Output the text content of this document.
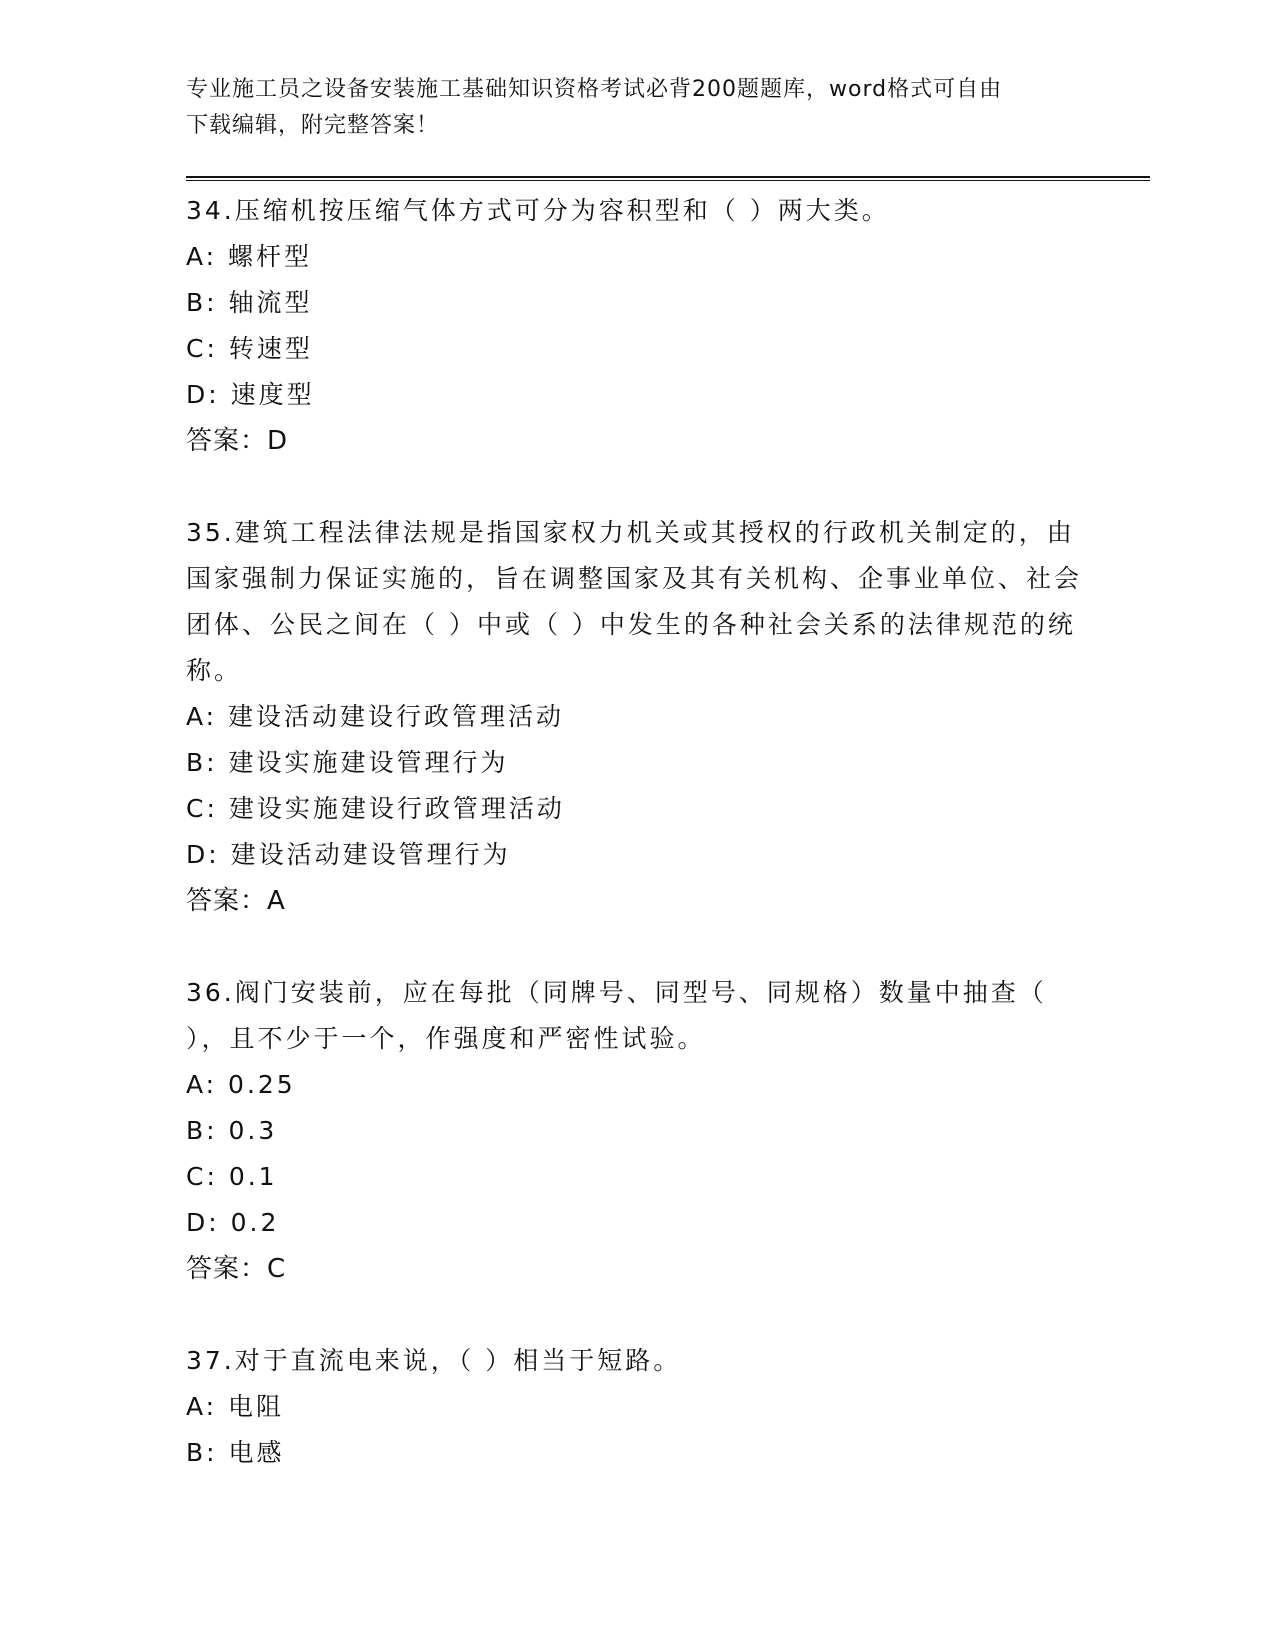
专业施工员之设备安装施工基础知识资格考试必背200题题库，word格式可自由
下载编辑，附完整答案！
34.压缩机按压缩气体方式可分为容积型和（ ）两大类。
A: 螺杆型
B: 轴流型
C: 转速型
D: 速度型
答案：D
35.建筑工程法律法规是指国家权力机关或其授权的行政机关制定的，由国家强制力保证实施的，旨在调整国家及其有关机构、企事业单位、社会团体、公民之间在（ ）中或（ ）中发生的各种社会关系的法律规范的统称。
A: 建设活动建设行政管理活动
B: 建设实施建设管理行为
C: 建设实施建设行政管理活动
D: 建设活动建设管理行为
答案：A
36.阀门安装前，应在每批（同牌号、同型号、同规格）数量中抽查（ ），且不少于一个，作强度和严密性试验。
A: 0.25
B: 0.3
C: 0.1
D: 0.2
答案：C
37.对于直流电来说，（ ）相当于短路。
A: 电阻
B: 电感
